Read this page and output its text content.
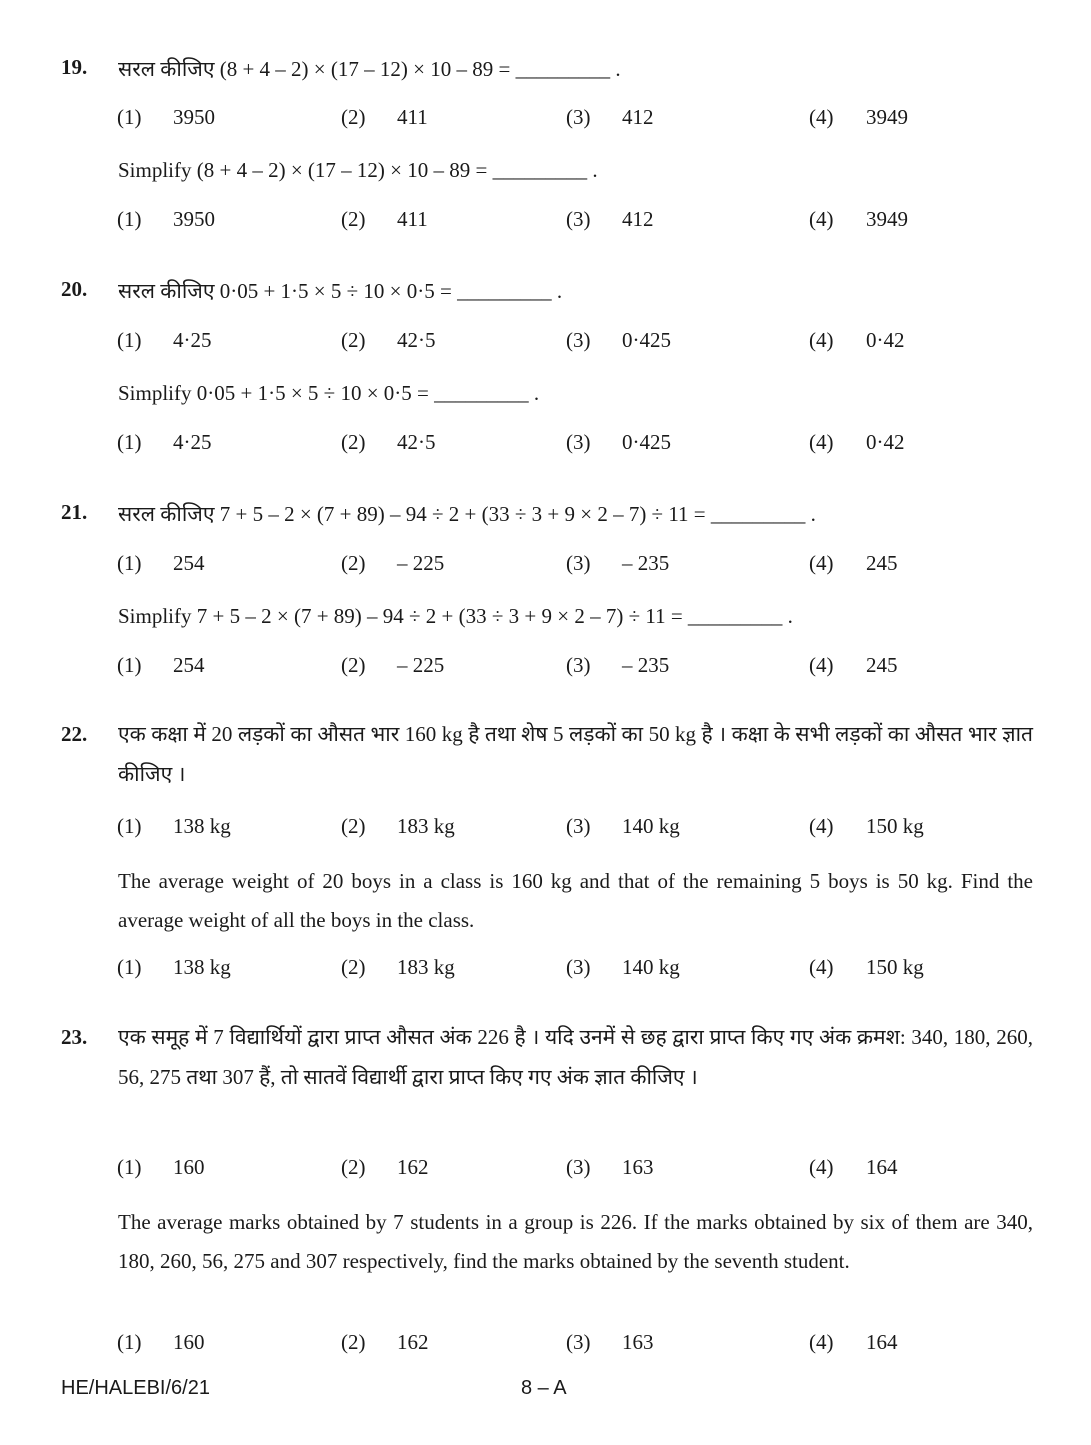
19. सरल कीजिए (8 + 4 – 2) × (17 – 12) × 10 – 89 = _________ .
(1) 3950	(2) 411	(3) 412	(4) 3949
Simplify (8 + 4 – 2) × (17 – 12) × 10 – 89 = _________ .
(1) 3950	(2) 411	(3) 412	(4) 3949
20. सरल कीजिए 0·05 + 1·5 × 5 ÷ 10 × 0·5 = _________ .
(1) 4·25	(2) 42·5	(3) 0·425	(4) 0·42
Simplify 0·05 + 1·5 × 5 ÷ 10 × 0·5 = _________ .
(1) 4·25	(2) 42·5	(3) 0·425	(4) 0·42
21. सरल कीजिए 7 + 5 – 2 × (7 + 89) – 94 ÷ 2 + (33 ÷ 3 + 9 × 2 – 7) ÷ 11 = _________ .
(1) 254	(2) – 225	(3) – 235	(4) 245
Simplify 7 + 5 – 2 × (7 + 89) – 94 ÷ 2 + (33 ÷ 3 + 9 × 2 – 7) ÷ 11 = _________ .
(1) 254	(2) – 225	(3) – 235	(4) 245
22. एक कक्षा में 20 लड़कों का औसत भार 160 kg है तथा शेष 5 लड़कों का 50 kg है । कक्षा के सभी लड़कों का औसत भार ज्ञात कीजिए ।
(1) 138 kg	(2) 183 kg	(3) 140 kg	(4) 150 kg
The average weight of 20 boys in a class is 160 kg and that of the remaining 5 boys is 50 kg. Find the average weight of all the boys in the class.
(1) 138 kg	(2) 183 kg	(3) 140 kg	(4) 150 kg
23. एक समूह में 7 विद्यार्थियों द्वारा प्राप्त औसत अंक 226 है । यदि उनमें से छह द्वारा प्राप्त किए गए अंक क्रमश: 340, 180, 260, 56, 275 तथा 307 हैं, तो सातवें विद्यार्थी द्वारा प्राप्त किए गए अंक ज्ञात कीजिए ।
(1) 160	(2) 162	(3) 163	(4) 164
The average marks obtained by 7 students in a group is 226. If the marks obtained by six of them are 340, 180, 260, 56, 275 and 307 respectively, find the marks obtained by the seventh student.
(1) 160	(2) 162	(3) 163	(4) 164
HE/HALEBI/6/21	8 – A
